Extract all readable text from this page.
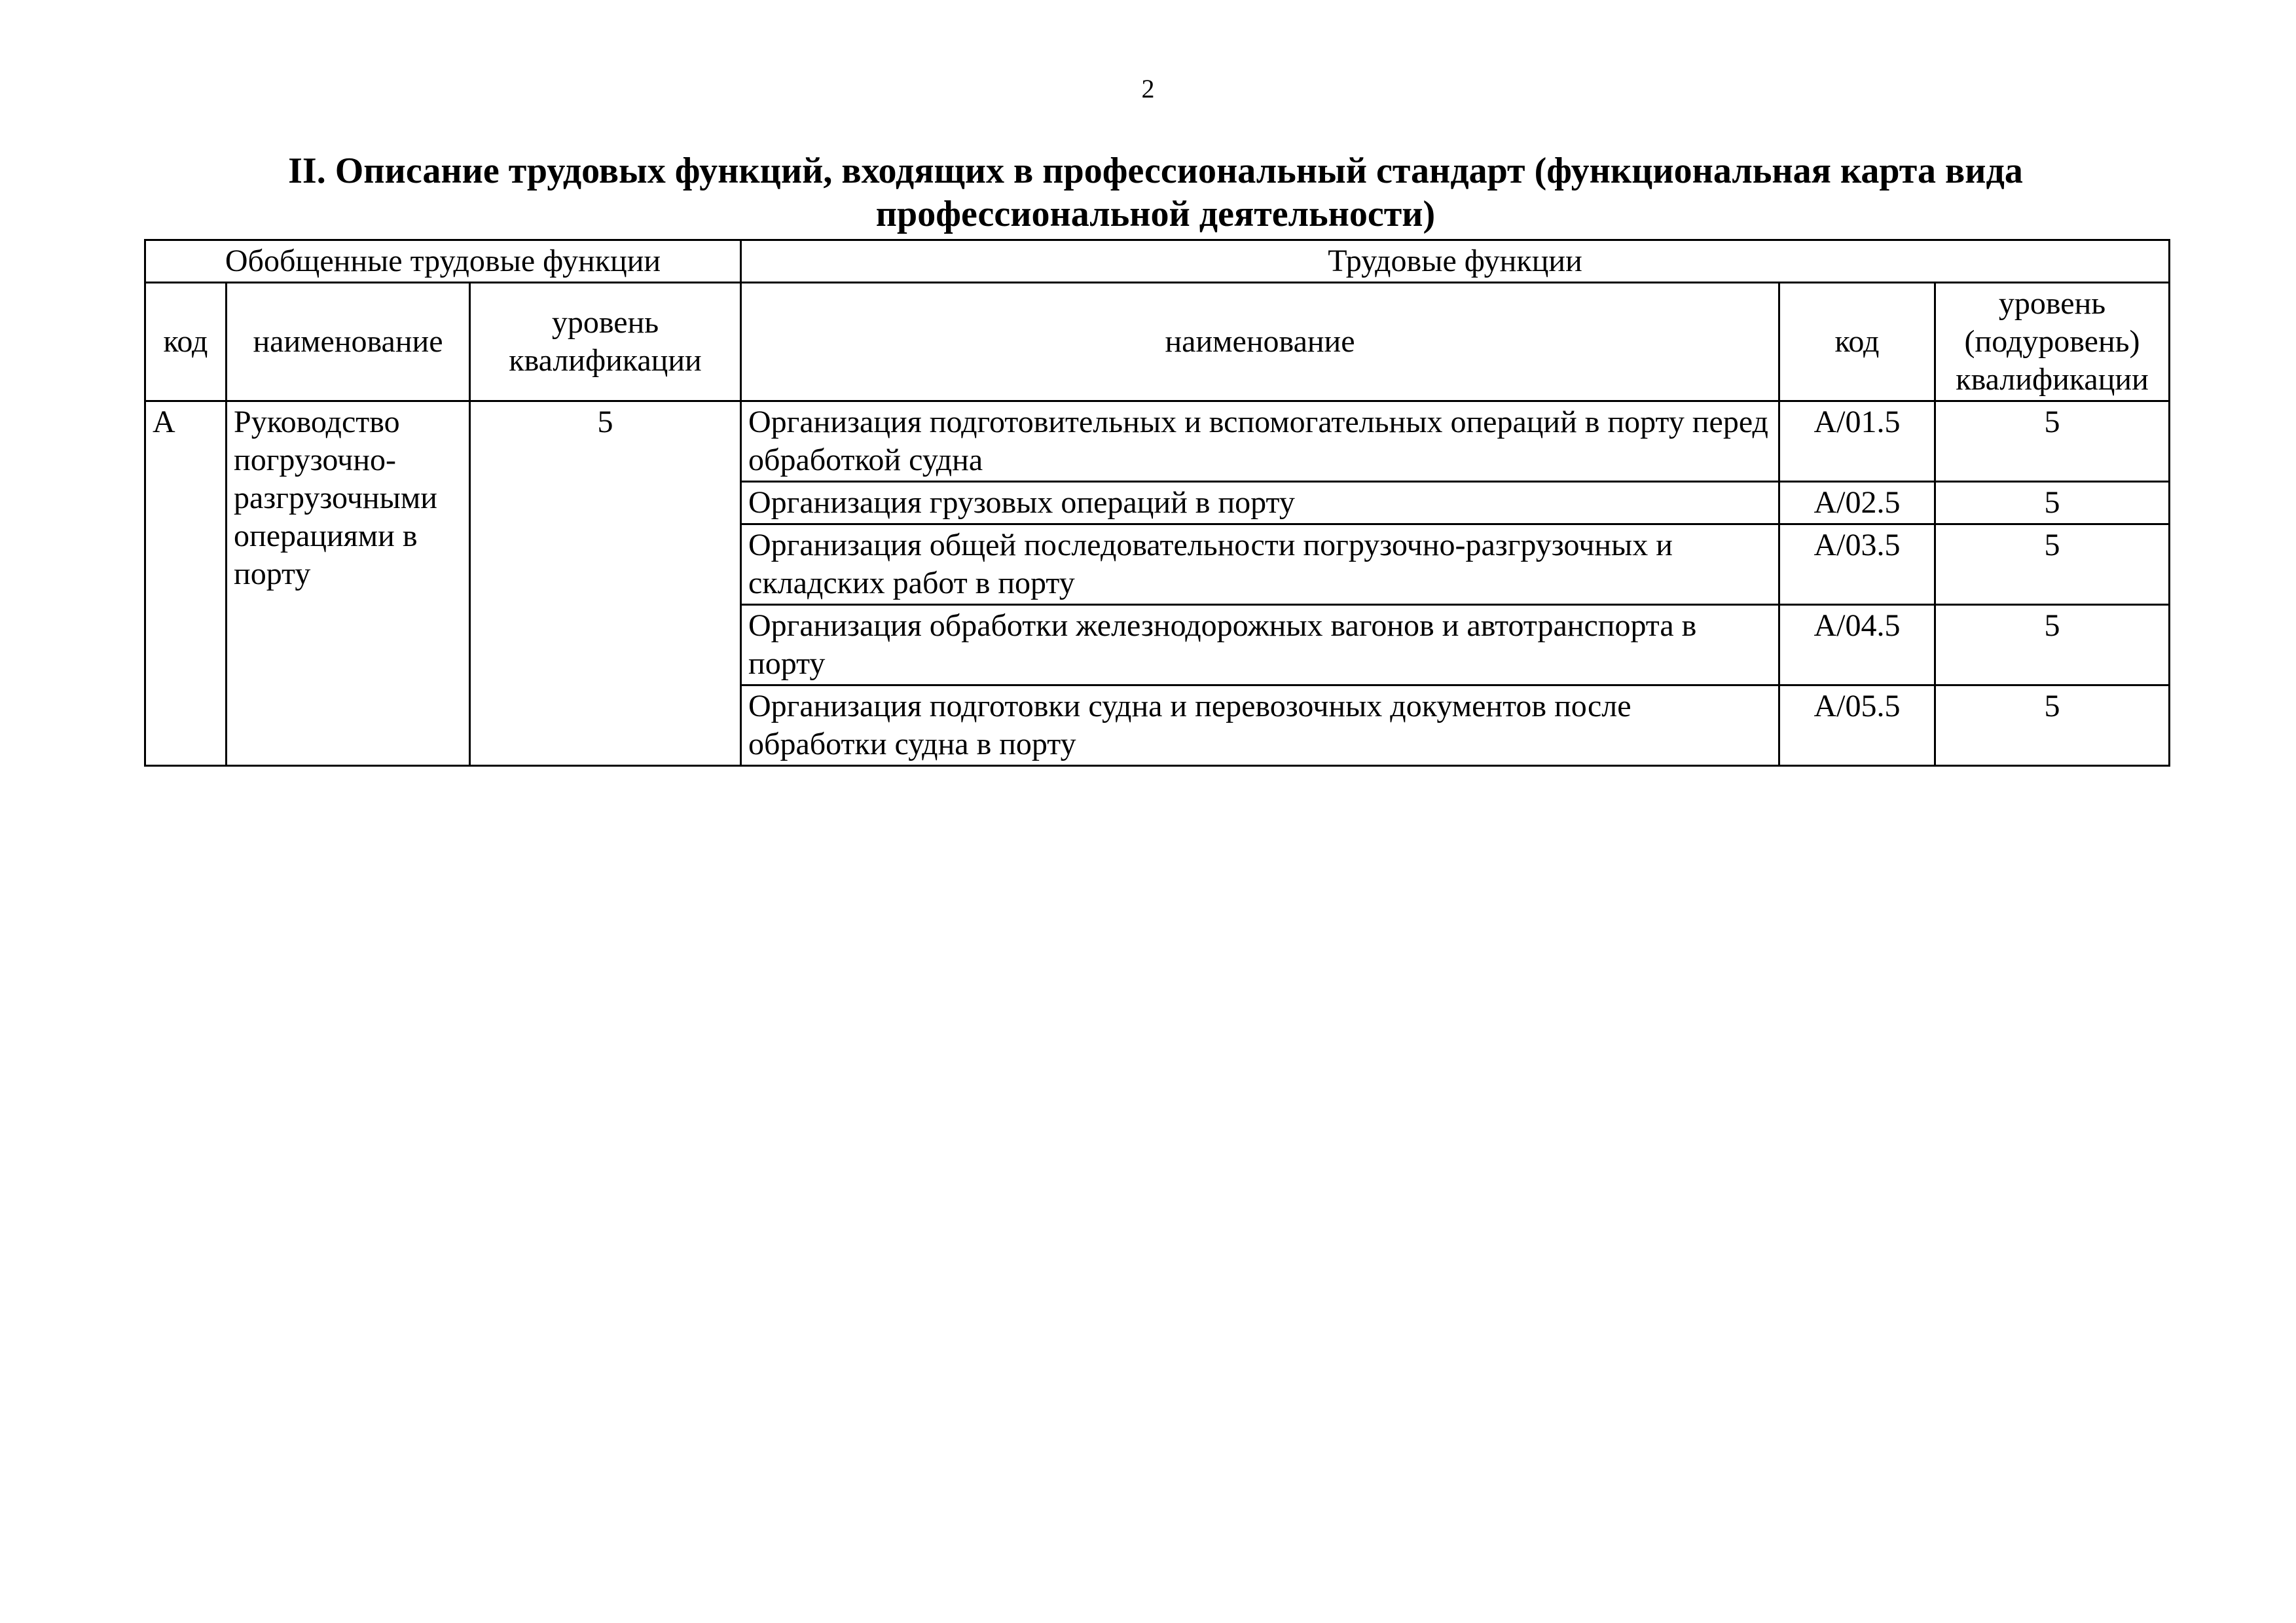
2
II. Описание трудовых функций, входящих в профессиональный стандарт (функциональная карта вида профессиональной деятельности)
Обобщенные трудовые функции			Трудовые функции		
код	наименование	уровень квалификации	наименование	код	уровень (подуровень) квалификации
А	Руководство погрузочно-разгрузочными операциями в порту	5	Организация подготовительных и вспомогательных операций в порту перед обработкой судна	A/01.5	5
			Организация грузовых операций в порту	A/02.5	5
			Организация общей последовательности погрузочно-разгрузочных и складских работ в порту	A/03.5	5
			Организация обработки железнодорожных вагонов и автотранспорта в порту	A/04.5	5
			Организация подготовки судна и перевозочных документов после обработки судна в порту	A/05.5	5
